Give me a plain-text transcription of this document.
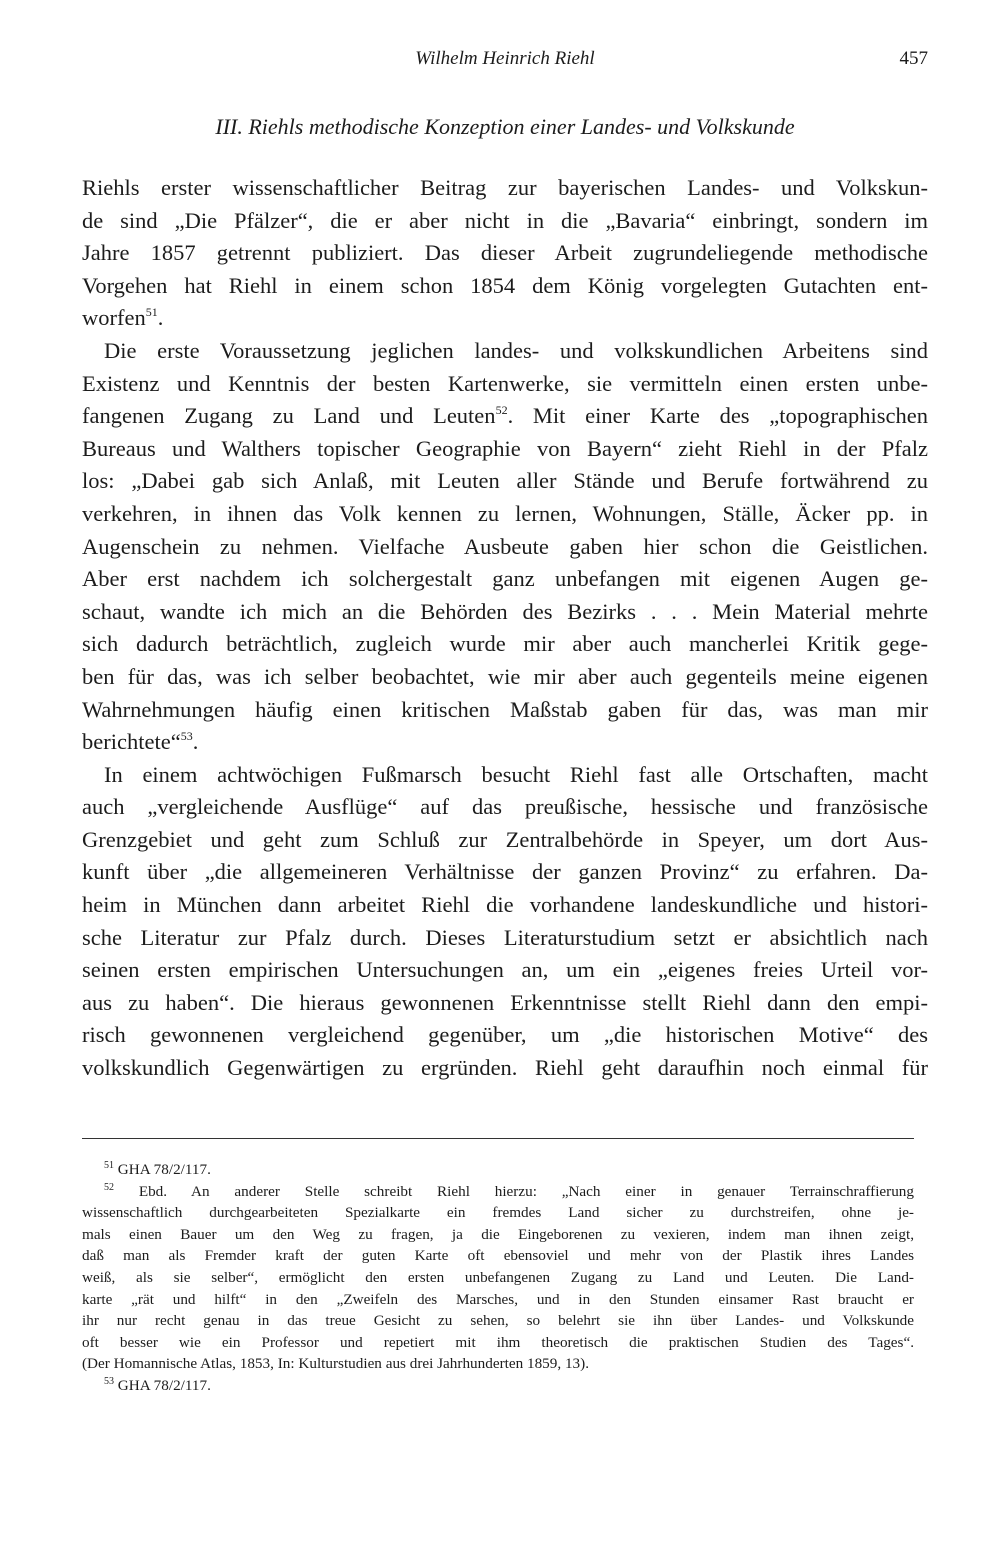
Wilhelm Heinrich Riehl	457
III. Riehls methodische Konzeption einer Landes- und Volkskunde
Riehls erster wissenschaftlicher Beitrag zur bayerischen Landes- und Volkskun-
de sind „Die Pfälzer“, die er aber nicht in die „Bavaria“ einbringt, sondern im
Jahre 1857 getrennt publiziert. Das dieser Arbeit zugrundeliegende methodische
Vorgehen hat Riehl in einem schon 1854 dem König vorgelegten Gutachten ent-
worfen$^{51}$.
Die erste Voraussetzung jeglichen landes- und volkskundlichen Arbeitens sind
Existenz und Kenntnis der besten Kartenwerke, sie vermitteln einen ersten unbe-
fangenen Zugang zu Land und Leuten$^{52}$. Mit einer Karte des „topographischen
Bureaus und Walthers topischer Geographie von Bayern“ zieht Riehl in der Pfalz
los: „Dabei gab sich Anlaß, mit Leuten aller Stände und Berufe fortwährend zu
verkehren, in ihnen das Volk kennen zu lernen, Wohnungen, Ställe, Äcker pp. in
Augenschein zu nehmen. Vielfache Ausbeute gaben hier schon die Geistlichen.
Aber erst nachdem ich solchergestalt ganz unbefangen mit eigenen Augen ge-
schaut, wandte ich mich an die Behörden des Bezirks . . . Mein Material mehrte
sich dadurch beträchtlich, zugleich wurde mir aber auch mancherlei Kritik gege-
ben für das, was ich selber beobachtet, wie mir aber auch gegenteils meine eigenen
Wahrnehmungen häufig einen kritischen Maßstab gaben für das, was man mir
berichtete“$^{53}$.
In einem achtwöchigen Fußmarsch besucht Riehl fast alle Ortschaften, macht
auch „vergleichende Ausflüge“ auf das preußische, hessische und französische
Grenzgebiet und geht zum Schluß zur Zentralbehörde in Speyer, um dort Aus-
kunft über „die allgemeineren Verhältnisse der ganzen Provinz“ zu erfahren. Da-
heim in München dann arbeitet Riehl die vorhandene landeskundliche und histori-
sche Literatur zur Pfalz durch. Dieses Literaturstudium setzt er absichtlich nach
seinen ersten empirischen Untersuchungen an, um ein „eigenes freies Urteil vor-
aus zu haben“. Die hieraus gewonnenen Erkenntnisse stellt Riehl dann den empi-
risch gewonnenen vergleichend gegenüber, um „die historischen Motive“ des
volkskundlich Gegenwärtigen zu ergründen. Riehl geht daraufhin noch einmal für
$^{51}$ GHA 78/2/117.
$^{52}$ Ebd. An anderer Stelle schreibt Riehl hierzu: „Nach einer in genauer Terrainschraffierung
wissenschaftlich durchgearbeiteten Spezialkarte ein fremdes Land sicher zu durchstreifen, ohne je-
mals einen Bauer um den Weg zu fragen, ja die Eingeborenen zu vexieren, indem man ihnen zeigt,
daß man als Fremder kraft der guten Karte oft ebensoviel und mehr von der Plastik ihres Landes
weiß, als sie selber“, ermöglicht den ersten unbefangenen Zugang zu Land und Leuten. Die Land-
karte „rät und hilft“ in den „Zweifeln des Marsches, und in den Stunden einsamer Rast braucht er
ihr nur recht genau in das treue Gesicht zu sehen, so belehrt sie ihn über Landes- und Volkskunde
oft besser wie ein Professor und repetiert mit ihm theoretisch die praktischen Studien des Tages“.
(Der Homannische Atlas, 1853, In: Kulturstudien aus drei Jahrhunderten 1859, 13).
$^{53}$ GHA 78/2/117.
